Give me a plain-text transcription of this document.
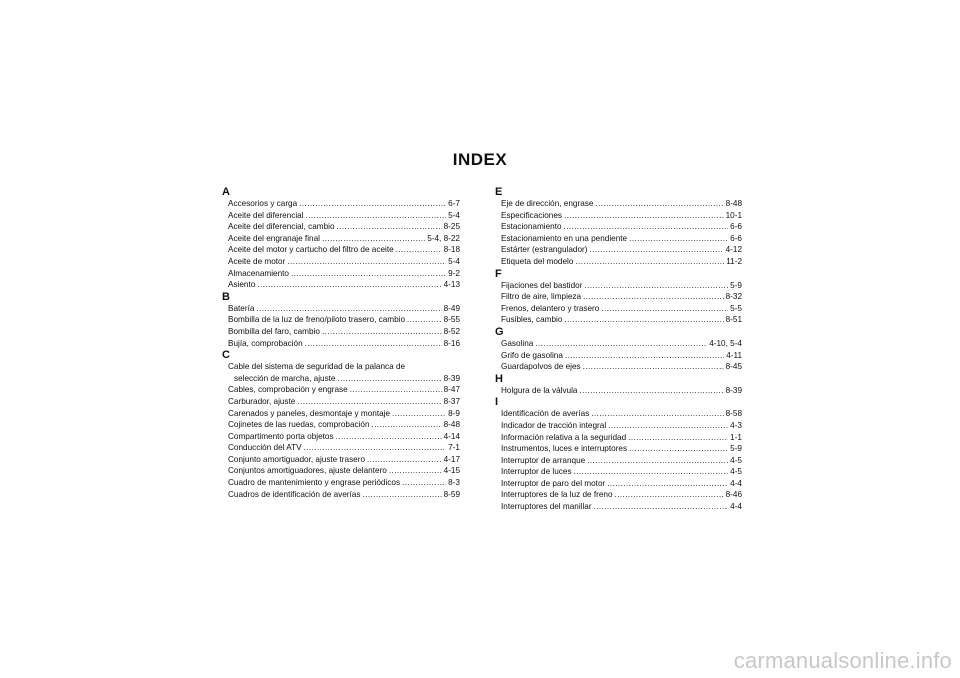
INDEX
A
Accesorios y carga .....	6-7
Aceite del diferencial .....	5-4
Aceite del diferencial, cambio .....	8-25
Aceite del engranaje final .....	5-4, 8-22
Aceite del motor y cartucho del filtro de aceite .....	8-18
Aceite de motor .....	5-4
Almacenamiento .....	9-2
Asiento .....	4-13
B
Batería .....	8-49
Bombilla de la luz de freno/piloto trasero, cambio .....	8-55
Bombilla del faro, cambio .....	8-52
Bujía, comprobación .....	8-16
C
Cable del sistema de seguridad de la palanca de
selección de marcha, ajuste .....	8-39
Cables, comprobación y engrase .....	8-47
Carburador, ajuste .....	8-37
Carenados y paneles, desmontaje y montaje .....	8-9
Cojinetes de las ruedas, comprobación .....	8-48
Compartimento porta objetos .....	4-14
Conducción del ATV .....	7-1
Conjunto amortiguador, ajuste trasero .....	4-17
Conjuntos amortiguadores, ajuste delantero .....	4-15
Cuadro de mantenimiento y engrase periódicos .....	8-3
Cuadros de identificación de averías .....	8-59
E
Eje de dirección, engrase .....	8-48
Especificaciones .....	10-1
Estacionamiento .....	6-6
Estacionamiento en una pendiente .....	6-6
Estárter (estrangulador) .....	4-12
Etiqueta del modelo .....	11-2
F
Fijaciones del bastidor .....	5-9
Filtro de aire, limpieza .....	8-32
Frenos, delantero y trasero .....	5-5
Fusibles, cambio .....	8-51
G
Gasolina .....	4-10, 5-4
Grifo de gasolina .....	4-11
Guardapolvos de ejes .....	8-45
H
Holgura de la válvula .....	8-39
I
Identificación de averías .....	8-58
Indicador de tracción integral .....	4-3
Información relativa a la seguridad .....	1-1
Instrumentos, luces e interruptores .....	5-9
Interruptor de arranque .....	4-5
Interruptor de luces .....	4-5
Interruptor de paro del motor .....	4-4
Interruptores de la luz de freno .....	8-46
Interruptores del manillar .....	4-4
carmanualsonline.info
